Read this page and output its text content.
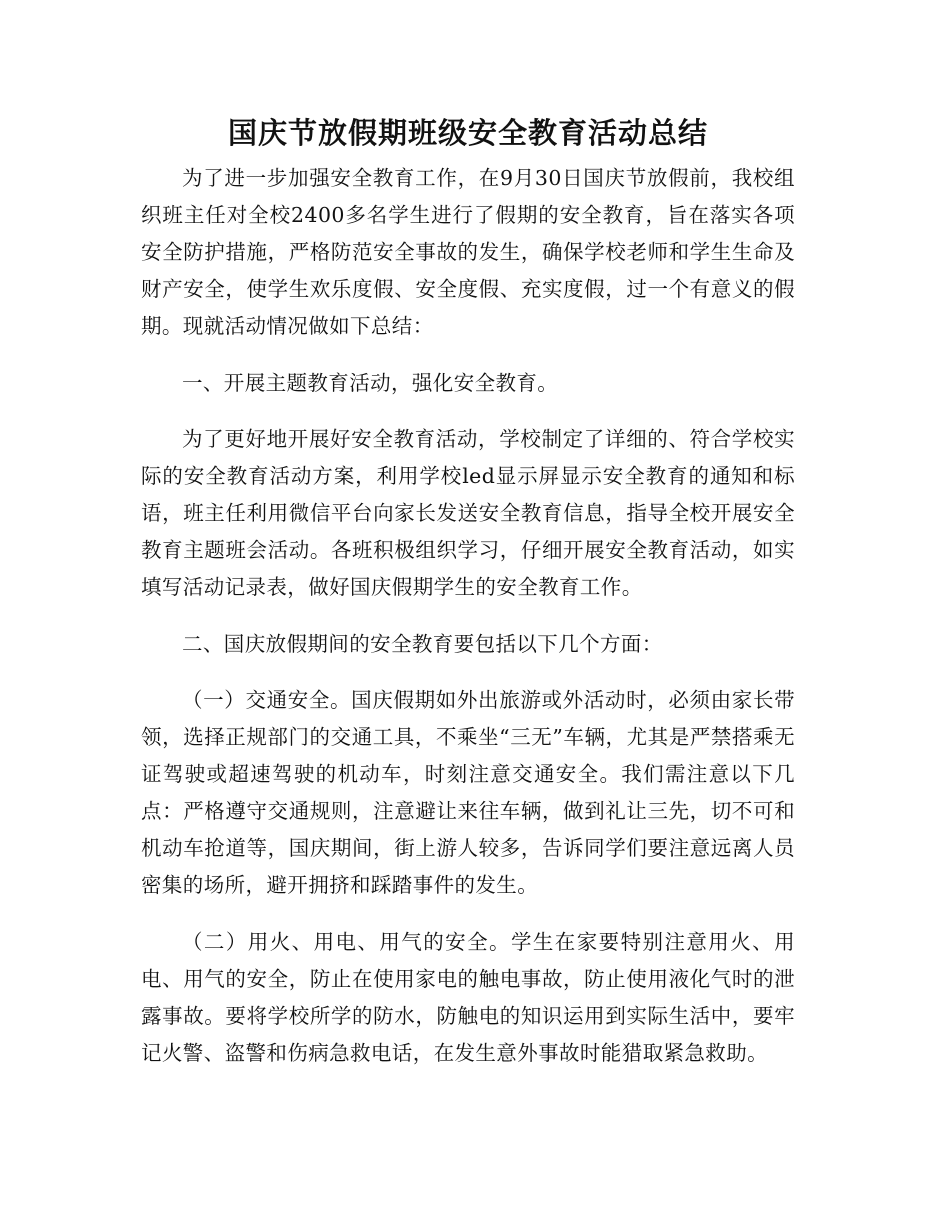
国庆节放假期班级安全教育活动总结

为了进一步加强安全教育工作，在9月30日国庆节放假前，我校组织班主任对全校2400多名学生进行了假期的安全教育，旨在落实各项安全防护措施，严格防范安全事故的发生，确保学校老师和学生生命及财产安全，使学生欢乐度假、安全度假、充实度假，过一个有意义的假期。现就活动情况做如下总结：

一、开展主题教育活动，强化安全教育。

为了更好地开展好安全教育活动，学校制定了详细的、符合学校实际的安全教育活动方案，利用学校led显示屏显示安全教育的通知和标语，班主任利用微信平台向家长发送安全教育信息，指导全校开展安全教育主题班会活动。各班积极组织学习，仔细开展安全教育活动，如实填写活动记录表，做好国庆假期学生的安全教育工作。

二、国庆放假期间的安全教育要包括以下几个方面：

（一）交通安全。国庆假期如外出旅游或外活动时，必须由家长带领，选择正规部门的交通工具，不乘坐“三无”车辆，尤其是严禁搭乘无证驾驶或超速驾驶的机动车，时刻注意交通安全。我们需注意以下几点：严格遵守交通规则，注意避让来往车辆，做到礼让三先，切不可和机动车抢道等，国庆期间，街上游人较多，告诉同学们要注意远离人员密集的场所，避开拥挤和踩踏事件的发生。

（二）用火、用电、用气的安全。学生在家要特别注意用火、用电、用气的安全，防止在使用家电的触电事故，防止使用液化气时的泄露事故。要将学校所学的防水，防触电的知识运用到实际生活中，要牢记火警、盗警和伤病急救电话，在发生意外事故时能猎取紧急救助。
